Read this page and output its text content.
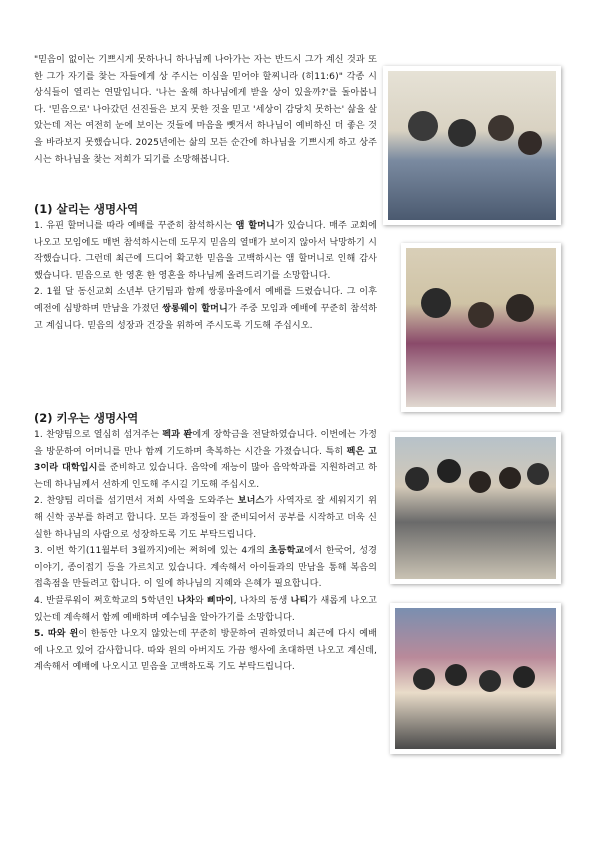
"믿음이 없이는 기쁘시게 못하나니 하나님께 나아가는 자는 반드시 그가 계신 것과 또한 그가 자기를 찾는 자들에게 상 주시는 이심을 믿어야 할찌니라 (히11:6)" 각종 시상식들이 열리는 연말입니다. '나는 올해 하나님에게 받을 상이 있을까?'를 돌아봅니다. '믿음으로' 나아갔던 선진들은 보지 못한 것을 믿고 '세상이 감당치 못하는' 삶을 살았는데 저는 여전히 눈에 보이는 것들에 마음을 뺏겨서 하나님이 예비하신 더 좋은 것을 바라보지 못했습니다. 2025년에는 삶의 모든 순간에 하나님을 기쁘시게 하고 상주시는 하나님을 찾는 저희가 되기를 소망해봅니다.
(1) 살리는 생명사역

1. 유핀 할머니를 따라 예배를 꾸준히 참석하시는 앰 할머니가 있습니다. 매주 교회에 나오고 모임에도 매번 참석하시는데 도무지 믿음의 열매가 보이지 않아서 낙망하기 시작했습니다. 그런데 최근에 드디어 확고한 믿음을 고백하시는 앰 할머니로 인해 감사했습니다. 믿음으로 한 영혼 한 영혼을 하나님께 올려드리기를 소망합니다.

2. 1월 달 동신교회 소년부 단기팀과 함께 쌍롱마을에서 예배를 드렸습니다. 그 이후 예전에 심방하며 만남을 가졌던 쌍롱웨이 할머니가 주중 모임과 예배에 꾸준히 참석하고 계십니다. 믿음의 성장과 건강을 위하여 주시도록 기도해 주십시오.

(2) 키우는 생명사역

1. 찬양팀으로 열심히 섬겨주는 펙과 퐌에게 장학금을 전달하였습니다. 이번에는 가정을 방문하여 어머니를 만나 함께 기도하며 축복하는 시간을 가졌습니다. 특히 펙은 고3이라 대학입시를 준비하고 있습니다. 음악에 재능이 많아 음악학과를 지원하려고 하는데 하나님께서 선하게 인도해 주시길 기도해 주십시오.

2. 찬양팀 리더를 섬기면서 저희 사역을 도와주는 보너스가 사역자로 잘 세워지기 위해 신학 공부를 하려고 합니다. 모든 과정들이 잘 준비되어서 공부를 시작하고 더욱 신실한 하나님의 사람으로 성장하도록 기도 부탁드립니다.

3. 이번 학기(11월부터 3월까지)에는 쩌허에 있는 4개의 초등학교에서 한국어, 성경 이야기, 종이접기 등을 가르치고 있습니다. 계속해서 아이들과의 만남을 통해 복음의 접촉점을 만들려고 합니다. 이 일에 하나님의 지혜와 은혜가 필요합니다.

4. 반끌루워이 쩌호학교의 5학년인 나차와 삐마이, 나차의 동생 나티가 새롭게 나오고 있는데 계속해서 함께 예배하며 예수님을 알아가기를 소망합니다.

5. 따와 윈이 한동안 나오지 않았는데 꾸준히 방문하여 권하였더니 최근에 다시 예배에 나오고 있어 감사합니다. 따와 윈의 아버지도 가끔 행사에 초대하면 나오고 계신데, 계속해서 예배에 나오시고 믿음을 고백하도록 기도 부탁드립니다.
